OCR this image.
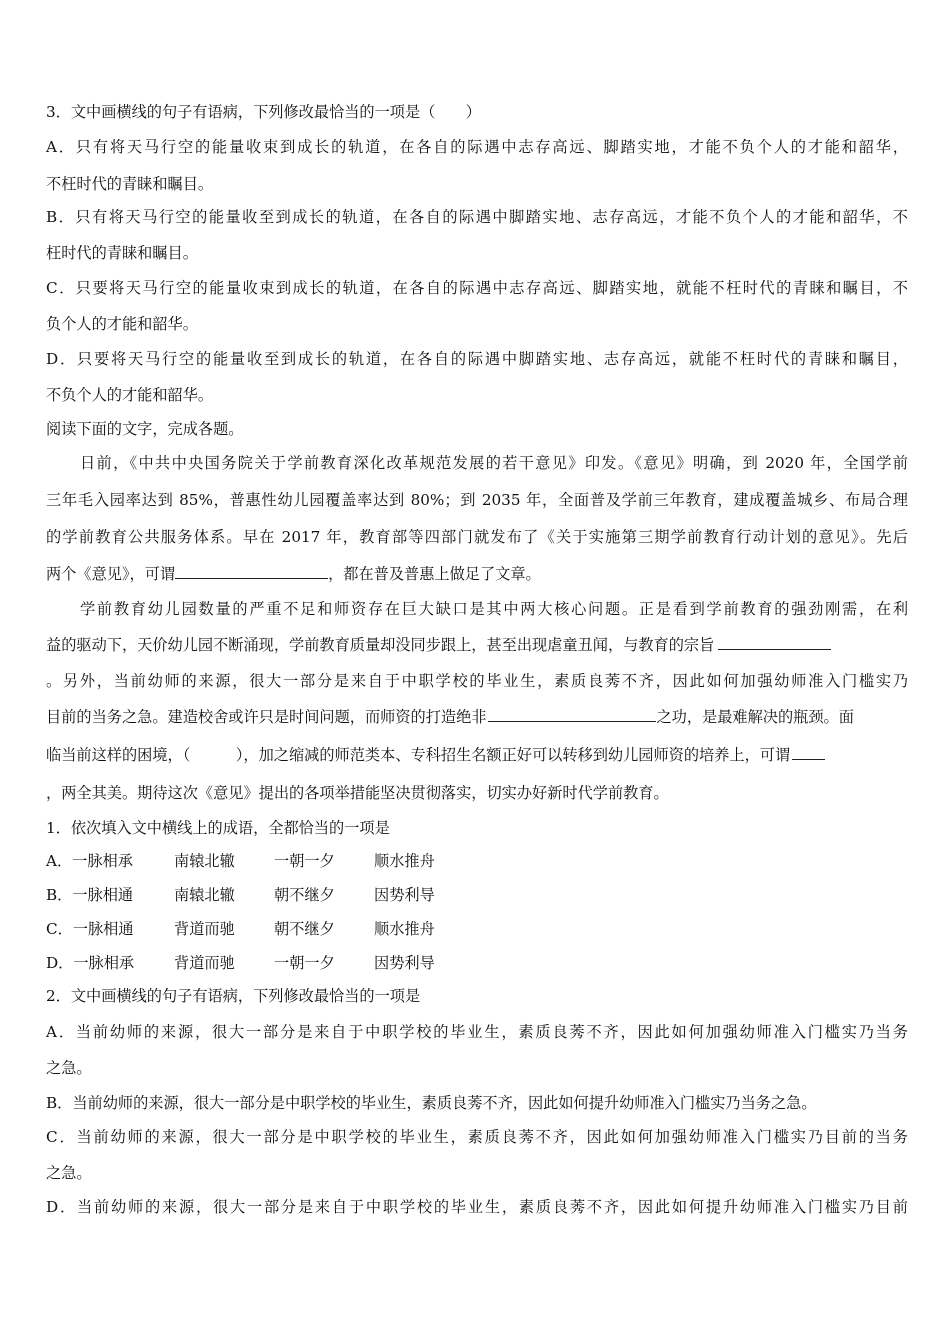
3．文中画横线的句子有语病，下列修改最恰当的一项是（　　）
A．只有将天马行空的能量收束到成长的轨道，在各自的际遇中志存高远、脚踏实地，才能不负个人的才能和韶华，
不枉时代的青睐和瞩目。
B．只有将天马行空的能量收至到成长的轨道，在各自的际遇中脚踏实地、志存高远，才能不负个人的才能和韶华，不
枉时代的青睐和瞩目。
C．只要将天马行空的能量收束到成长的轨道，在各自的际遇中志存高远、脚踏实地，就能不枉时代的青睐和瞩目，不
负个人的才能和韶华。
D．只要将天马行空的能量收至到成长的轨道，在各自的际遇中脚踏实地、志存高远，就能不枉时代的青睐和瞩目，
不负个人的才能和韶华。
阅读下面的文字，完成各题。
日前，《中共中央国务院关于学前教育深化改革规范发展的若干意见》印发。《意见》明确，到 2020 年，全国学前
三年毛入园率达到 85%，普惠性幼儿园覆盖率达到 80%；到 2035 年，全面普及学前三年教育，建成覆盖城乡、布局合理
的学前教育公共服务体系。早在 2017 年，教育部等四部门就发布了《关于实施第三期学前教育行动计划的意见》。先后
两个《意见》，可谓	，都在普及普惠上做足了文章。
学前教育幼儿园数量的严重不足和师资存在巨大缺口是其中两大核心问题。正是看到学前教育的强劲刚需，在利
益的驱动下，天价幼儿园不断涌现，学前教育质量却没同步跟上，甚至出现虐童丑闻，与教育的宗旨
。另外，当前幼师的来源，很大一部分是来自于中职学校的毕业生，素质良莠不齐，因此如何加强幼师准入门槛实乃
目前的当务之急。建造校舍或许只是时间问题，而师资的打造绝非	之功，是最难解决的瓶颈。面
临当前这样的困境，（　　　），加之缩减的师范类本、专科招生名额正好可以转移到幼儿园师资的培养上，可谓
，两全其美。期待这次《意见》提出的各项举措能坚决贯彻落实，切实办好新时代学前教育。
1．依次填入文中横线上的成语，全都恰当的一项是
A．一脉相承	南辕北辙	一朝一夕	顺水推舟
B．一脉相通	南辕北辙	朝不继夕	因势利导
C．一脉相通	背道而驰	朝不继夕	顺水推舟
D．一脉相承	背道而驰	一朝一夕	因势利导
2．文中画横线的句子有语病，下列修改最恰当的一项是
A．当前幼师的来源，很大一部分是来自于中职学校的毕业生，素质良莠不齐，因此如何加强幼师准入门槛实乃当务
之急。
B．当前幼师的来源，很大一部分是中职学校的毕业生，素质良莠不齐，因此如何提升幼师准入门槛实乃当务之急。
C．当前幼师的来源，很大一部分是中职学校的毕业生，素质良莠不齐，因此如何加强幼师准入门槛实乃目前的当务
之急。
D．当前幼师的来源，很大一部分是来自于中职学校的毕业生，素质良莠不齐，因此如何提升幼师准入门槛实乃目前
